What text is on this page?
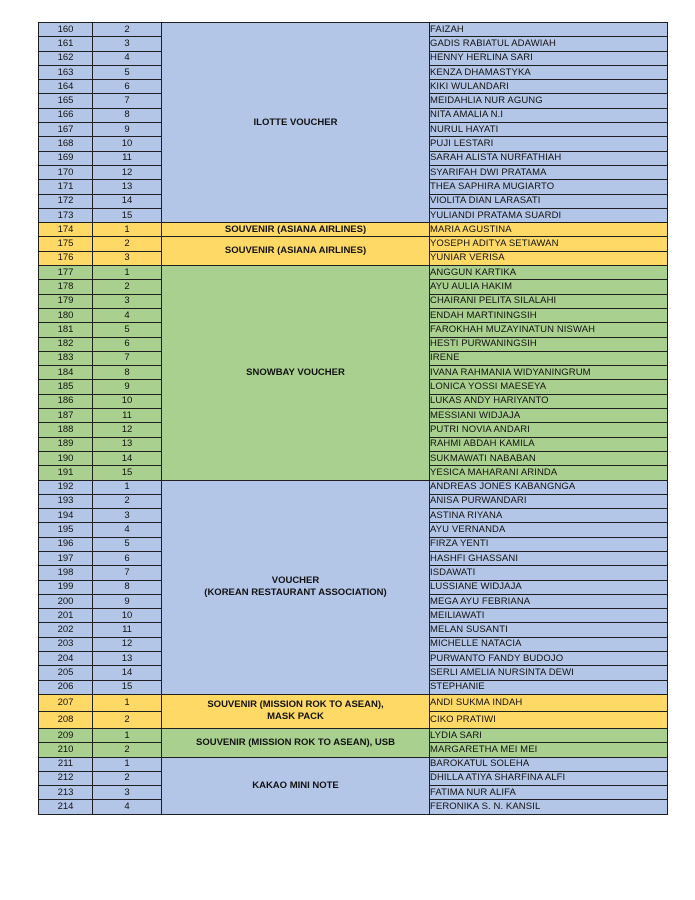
160	2	ILOTTE VOUCHER	FAIZAH
161	3		GADIS RABIATUL ADAWIAH
162	4		HENNY HERLINA SARI
163	5		KENZA DHAMASTYKA
164	6		KIKI WULANDARI
165	7		MEIDAHLIA NUR AGUNG
166	8		NITA AMALIA N.I
167	9		NURUL HAYATI
168	10		PUJI LESTARI
169	11		SARAH ALISTA NURFATHIAH
170	12		SYARIFAH DWI PRATAMA
171	13		THEA SAPHIRA MUGIARTO
172	14		VIOLITA DIAN LARASATI
173	15		YULIANDI PRATAMA SUARDI
174	1	SOUVENIR (ASIANA AIRLINES)	MARIA AGUSTINA
175	2	SOUVENIR (ASIANA AIRLINES)	YOSEPH ADITYA SETIAWAN
176	3		YUNIAR VERISA
177	1	SNOWBAY VOUCHER	ANGGUN KARTIKA
178	2		AYU AULIA HAKIM
179	3		CHAIRANI PELITA SILALAHI
180	4		ENDAH MARTININGSIH
181	5		FAROKHAH MUZAYINATUN NISWAH
182	6		HESTI PURWANINGSIH
183	7		IRENE
184	8		IVANA RAHMANIA WIDYANINGRUM
185	9		LONICA YOSSI MAESEYA
186	10		LUKAS ANDY HARIYANTO
187	11		MESSIANI WIDJAJA
188	12		PUTRI NOVIA ANDARI
189	13		RAHMI ABDAH KAMILA
190	14		SUKMAWATI NABABAN
191	15		YESICA MAHARANI ARINDA
192	1	VOUCHER
(KOREAN RESTAURANT ASSOCIATION)	ANDREAS JONES KABANGNGA
193	2		ANISA PURWANDARI
194	3		ASTINA RIYANA
195	4		AYU VERNANDA
196	5		FIRZA YENTI
197	6		HASHFI GHASSANI
198	7		ISDAWATI
199	8		LUSSIANE WIDJAJA
200	9		MEGA AYU FEBRIANA
201	10		MEILIAWATI
202	11		MELAN SUSANTI
203	12		MICHELLE NATACIA
204	13		PURWANTO FANDY BUDOJO
205	14		SERLI AMELIA NURSINTA DEWI
206	15		STEPHANIE
207	1	SOUVENIR (MISSION ROK TO ASEAN),
MASK PACK	ANDI SUKMA INDAH
208	2		CIKO PRATIWI
209	1	SOUVENIR (MISSION ROK TO ASEAN), USB	LYDIA SARI
210	2		MARGARETHA MEI MEI
211	1	KAKAO MINI NOTE	BAROKATUL SOLEHA
212	2		DHILLA ATIYA SHARFINA ALFI
213	3		FATIMA NUR ALIFA
214	4		FERONIKA S. N. KANSIL
